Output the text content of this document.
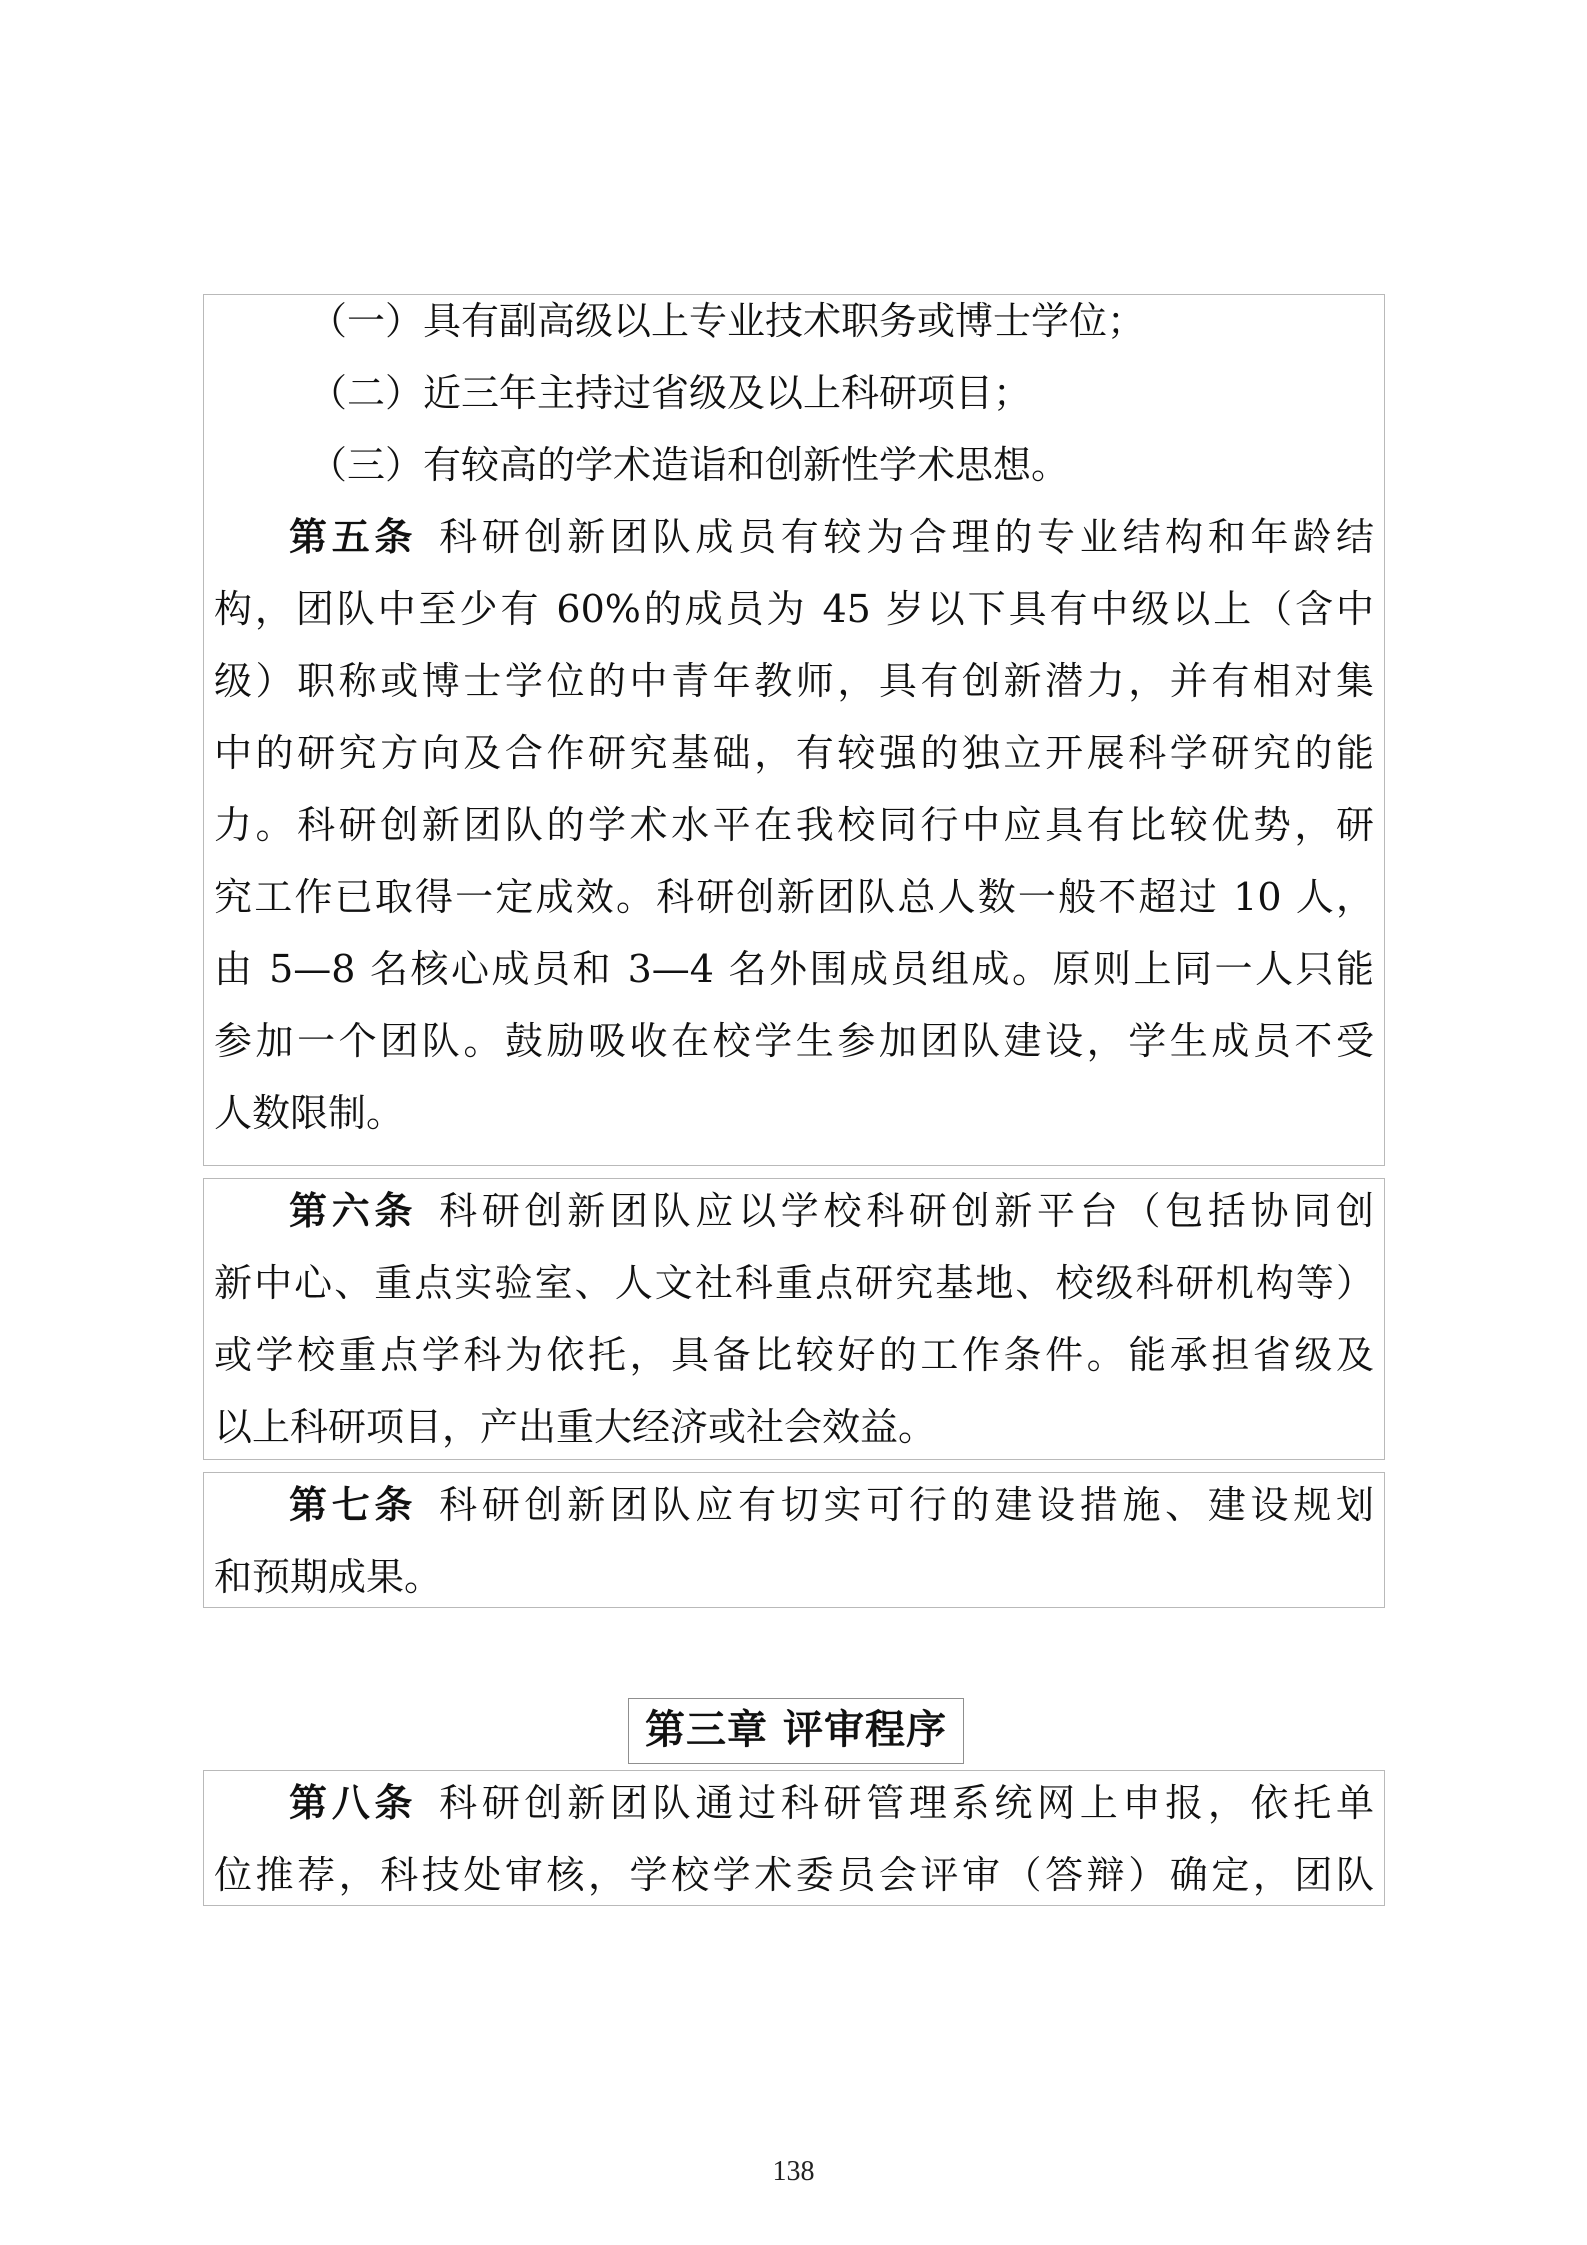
（一）具有副高级以上专业技术职务或博士学位；
（二）近三年主持过省级及以上科研项目；
（三）有较高的学术造诣和创新性学术思想。
第五条 科研创新团队成员有较为合理的专业结构和年龄结
构，团队中至少有 60%的成员为 45 岁以下具有中级以上（含中
级）职称或博士学位的中青年教师，具有创新潜力，并有相对集
中的研究方向及合作研究基础，有较强的独立开展科学研究的能
力。科研创新团队的学术水平在我校同行中应具有比较优势，研
究工作已取得一定成效。科研创新团队总人数一般不超过 10 人，
由 5—8 名核心成员和 3—4 名外围成员组成。原则上同一人只能
参加一个团队。鼓励吸收在校学生参加团队建设，学生成员不受
人数限制。
第六条 科研创新团队应以学校科研创新平台（包括协同创
新中心、重点实验室、人文社科重点研究基地、校级科研机构等）
或学校重点学科为依托，具备比较好的工作条件。能承担省级及
以上科研项目，产出重大经济或社会效益。
第七条 科研创新团队应有切实可行的建设措施、建设规划
和预期成果。
第三章 评审程序
第八条 科研创新团队通过科研管理系统网上申报，依托单
位推荐，科技处审核，学校学术委员会评审（答辩）确定，团队
138
